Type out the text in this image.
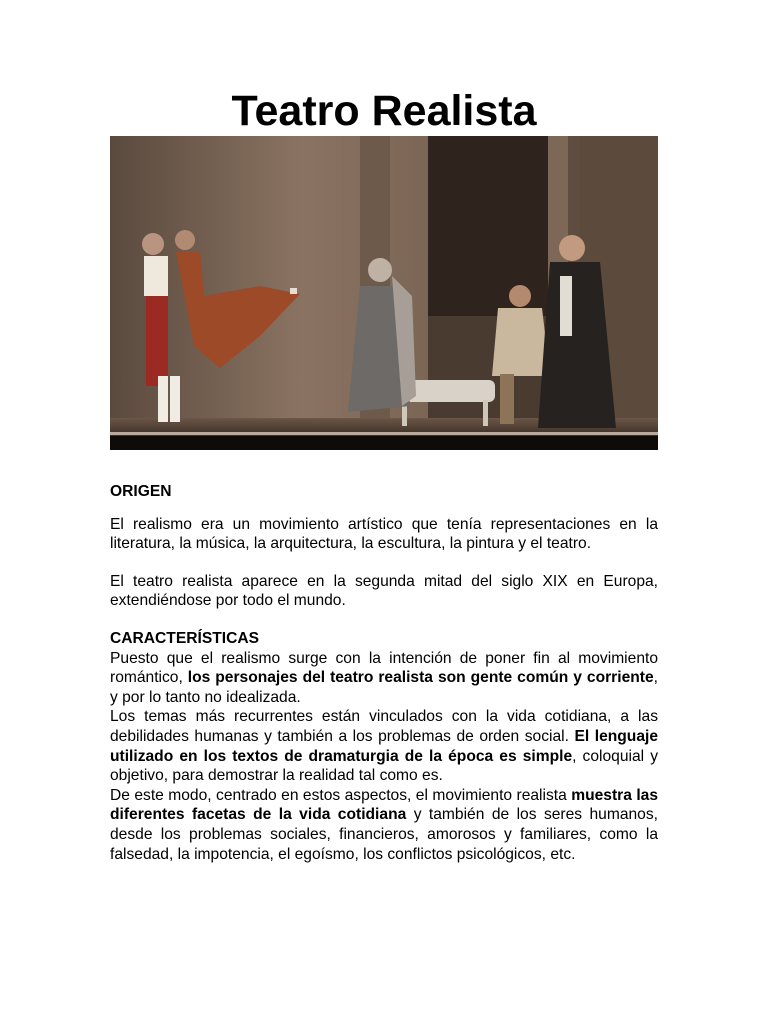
Teatro Realista

ORIGEN

El realismo era un movimiento artístico que tenía representaciones en la literatura, la música, la arquitectura, la escultura, la pintura y el teatro.

El teatro realista aparece en la segunda mitad del siglo XIX en Europa, extendiéndose por todo el mundo.

CARACTERÍSTICAS

Puesto que el realismo surge con la intención de poner fin al movimiento romántico, los personajes del teatro realista son gente común y corriente, y por lo tanto no idealizada.

Los temas más recurrentes están vinculados con la vida cotidiana, a las debilidades humanas y también a los problemas de orden social. El lenguaje utilizado en los textos de dramaturgia de la época es simple, coloquial y objetivo, para demostrar la realidad tal como es.

De este modo, centrado en estos aspectos, el movimiento realista muestra las diferentes facetas de la vida cotidiana y también de los seres humanos, desde los problemas sociales, financieros, amorosos y familiares, como la falsedad, la impotencia, el egoísmo, los conflictos psicológicos, etc.
